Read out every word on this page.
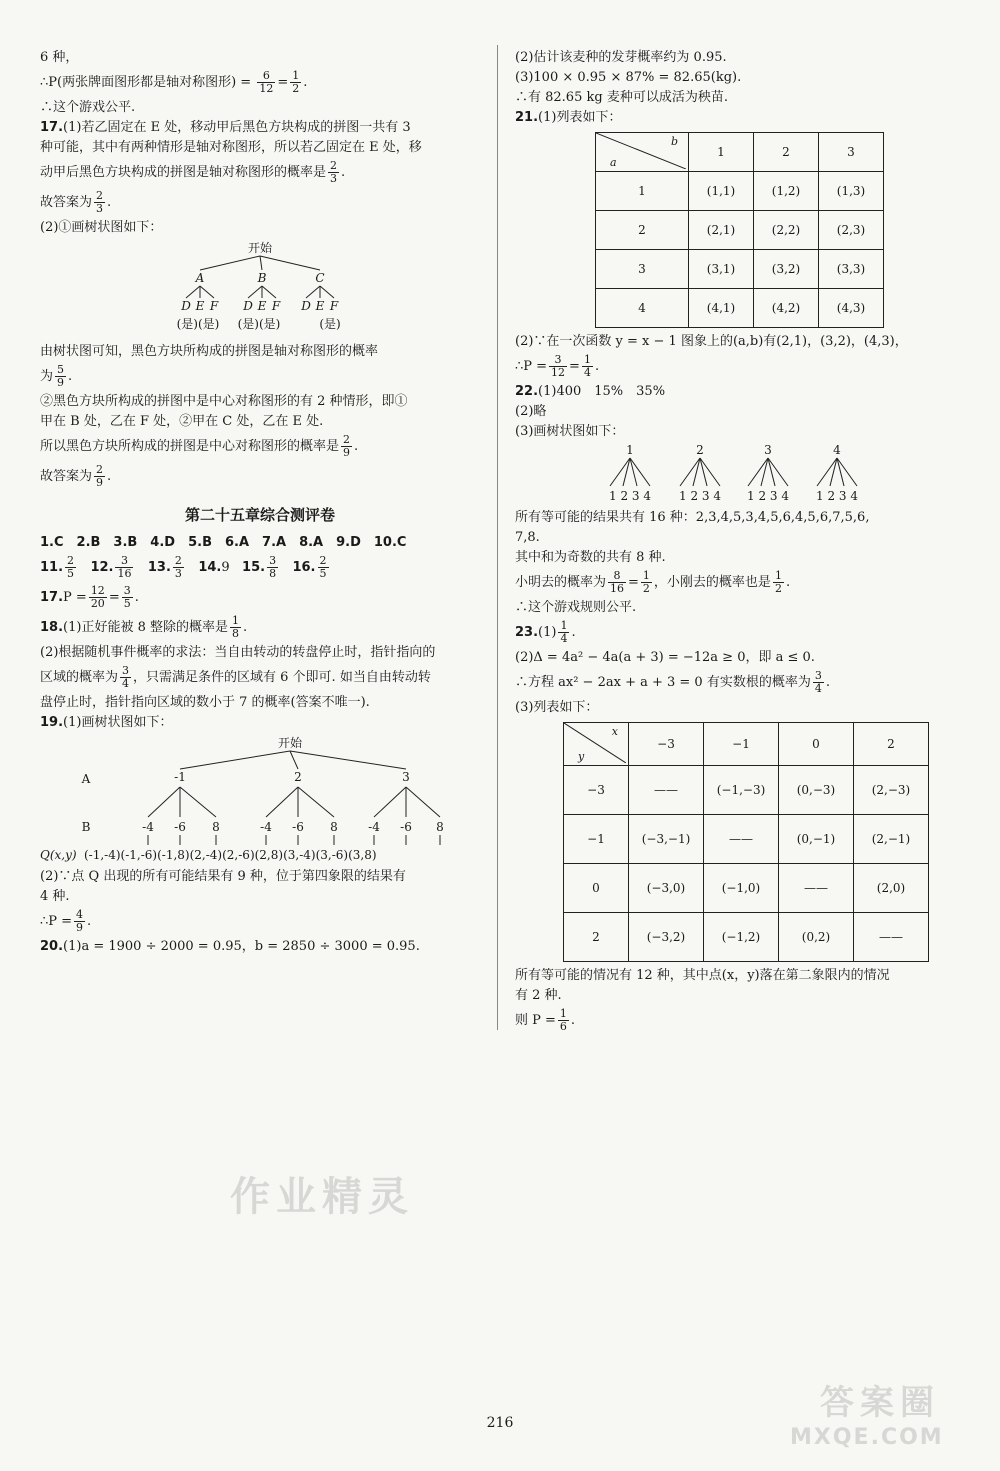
6 种，

∴P(两张牌面图形都是轴对称图形) = $\frac{6}{12} = \frac{1}{2}$ .

∴这个游戏公平.

17.(1)若乙固定在 E 处，移动甲后黑色方块构成的拼图一共有 3

种可能，其中有两种情形是轴对称图形，所以若乙固定在 E 处，移

动甲后黑色方块构成的拼图是轴对称图形的概率是 $\frac{2}{3}$ .

故答案为 $\frac{2}{3}$ .

(2)①画树状图如下：

开始
A	B	C
D E F D E F D E F
(是)(是) (是)(是)	(是)

由树状图可知，黑色方块所构成的拼图是轴对称图形的概率

为 $\frac{5}{9}$ .

②黑色方块所构成的拼图中是中心对称图形的有 2 种情形，即①

甲在 B 处，乙在 F 处，②甲在 C 处，乙在 E 处.

所以黑色方块所构成的拼图是中心对称图形的概率是 $\frac{2}{9}$ .

故答案为 $\frac{2}{9}$ .

第二十五章综合测评卷

1.C　2.B　3.B　4.D　5.B　6.A　7.A　8.A　9.D　10.C

11. $\frac{2}{5} 12$. $\frac{3}{16} 13$. $\frac{2}{3} 14.9$ 15. $\frac{3}{8} 16$. $\frac{2}{5}$

$17.P = \frac{12}{20} = \frac{3}{5}$ .

18.(1)正好能被 8 整除的概率是 $\frac{1}{8}$ .

(2)根据随机事件概率的求法：当自由转动的转盘停止时，指针指向的

区域的概率为 $\frac{3}{4}$ ，只需满足条件的区域有 6 个即可. 如当自由转动转

盘停止时，指针指向区域的数小于 7 的概率(答案不唯一).

19.(1)画树状图如下：

开始
A
B
-1	2	3
-4 -6 8	-4 -6 8	-4 -6 8
Q(x,y) (-1,-4)(-1,-6)(-1,8)(2,-4)(2,-6)(2,8)(3,-4)(3,-6)(3,8)

(2)∵点 Q 出现的所有可能结果有 9 种，位于第四象限的结果有

4 种.

∴P = $\frac{4}{9}$ .

20.(1)a = 1900 ÷ 2000 = 0.95，b = 2850 ÷ 3000 = 0.95.

(2)估计该麦种的发芽概率约为 0.95.

(3)100 × 0.95 × 87% = 82.65(kg).

∴有 82.65 kg 麦种可以成活为秧苗.

21.(1)列表如下：

b
a	1	2	3
1	(1,1)	(1,2)	(1,3)
2	(2,1)	(2,2)	(2,3)
3	(3,1)	(3,2)	(3,3)
4	(4,1)	(4,2)	(4,3)

(2)∵在一次函数 y = x − 1 图象上的(a,b)有(2,1)，(3,2)，(4,3)，

∴P = $\frac{3}{12} = \frac{1}{4}$ .

22.(1)400　15%　35%

(2)略

(3)画树状图如下：

1
1 2 3 4
2
1 2 3 4
3
1 2 3 4
4
1 2 3 4

所有等可能的结果共有 16 种：2,3,4,5,3,4,5,6,4,5,6,7,5,6,

7,8.

其中和为奇数的共有 8 种.

小明去的概率为 $\frac{8}{16} = \frac{1}{2}$ ，小刚去的概率也是 $\frac{1}{2}$ .

∴这个游戏规则公平.

$23.(1) \frac{1}{4}$ .

(2)Δ = 4a² − 4a(a + 3) = −12a ≥ 0，即 a ≤ 0.

∴方程 ax² − 2ax + a + 3 = 0 有实数根的概率为 $\frac{3}{4}$ .

(3)列表如下：

x
y	−3	−1	0	2
−3	——	(−1,−3)	(0,−3)	(2,−3)
−1	(−3,−1)	——	(0,−1)	(2,−1)
0	(−3,0)	(−1,0)	——	(2,0)
2	(−3,2)	(−1,2)	(0,2)	——

所有等可能的情况有 12 种，其中点(x，y)落在第二象限内的情况

有 2 种.

则 $P = \frac{1}{6}$ .

作业精灵
答案圈
MXQE.COM
216
